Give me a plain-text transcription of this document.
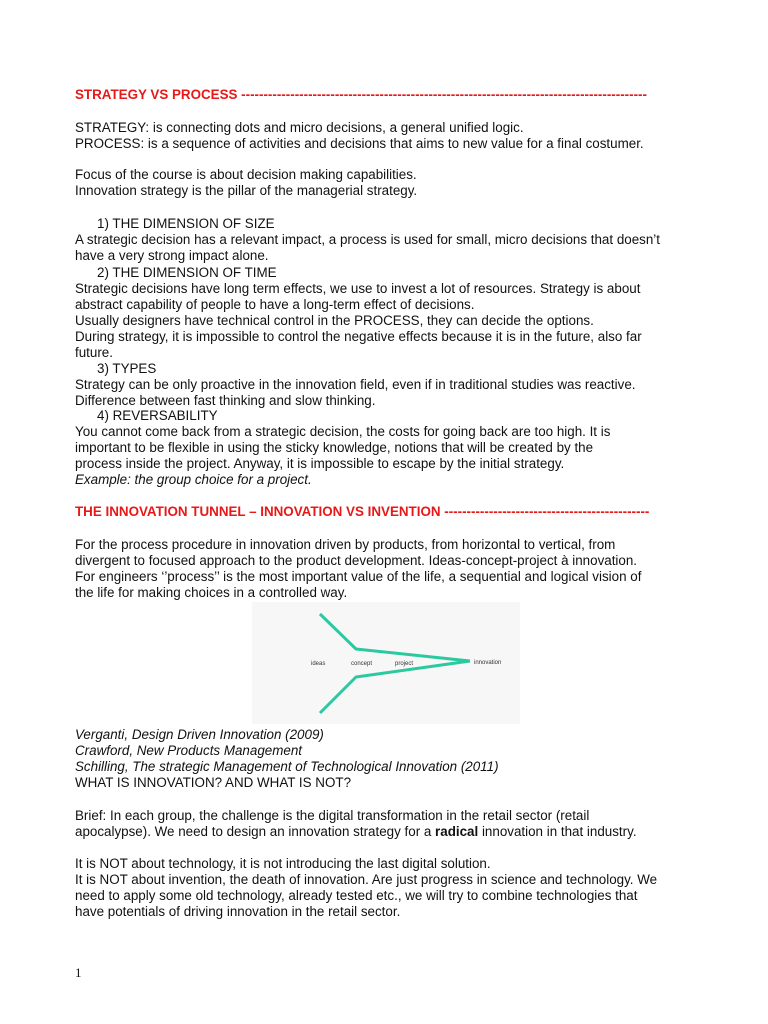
STRATEGY VS PROCESS -------------------------------------------------------------------------------------------
STRATEGY: is connecting dots and micro decisions, a general unified logic.
PROCESS: is a sequence of activities and decisions that aims to new value for a final costumer.
Focus of the course is about decision making capabilities.
Innovation strategy is the pillar of the managerial strategy.
1) THE DIMENSION OF SIZE
A strategic decision has a relevant impact, a process is used for small, micro decisions that doesn’t
have a very strong impact alone.
2) THE DIMENSION OF TIME
Strategic decisions have long term effects, we use to invest a lot of resources. Strategy is about
abstract capability of people to have a long-term effect of decisions.
Usually designers have technical control in the PROCESS, they can decide the options.
During strategy, it is impossible to control the negative effects because it is in the future, also far
future.
3) TYPES
Strategy can be only proactive in the innovation field, even if in traditional studies was reactive.
Difference between fast thinking and slow thinking.
4) REVERSABILITY
You cannot come back from a strategic decision, the costs for going back are too high. It is
important to be flexible in using the sticky knowledge, notions that will be created by the
process inside the project. Anyway, it is impossible to escape by the initial strategy.
Example: the group choice for a project.
THE INNOVATION TUNNEL – INNOVATION VS INVENTION ----------------------------------------------
For the process procedure in innovation driven by products, from horizontal to vertical, from
divergent to focused approach to the product development. Ideas-concept-project à innovation.
For engineers ‘’process’’ is the most important value of the life, a sequential and logical vision of
the life for making choices in a controlled way.
ideas	concept	project	innovation
Verganti, Design Driven Innovation (2009)
Crawford, New Products Management
Schilling, The strategic Management of Technological Innovation (2011)
WHAT IS INNOVATION? AND WHAT IS NOT?
Brief: In each group, the challenge is the digital transformation in the retail sector (retail
apocalypse). We need to design an innovation strategy for a radical innovation in that industry.
It is NOT about technology, it is not introducing the last digital solution.
It is NOT about invention, the death of innovation. Are just progress in science and technology. We
need to apply some old technology, already tested etc., we will try to combine technologies that
have potentials of driving innovation in the retail sector.
1
